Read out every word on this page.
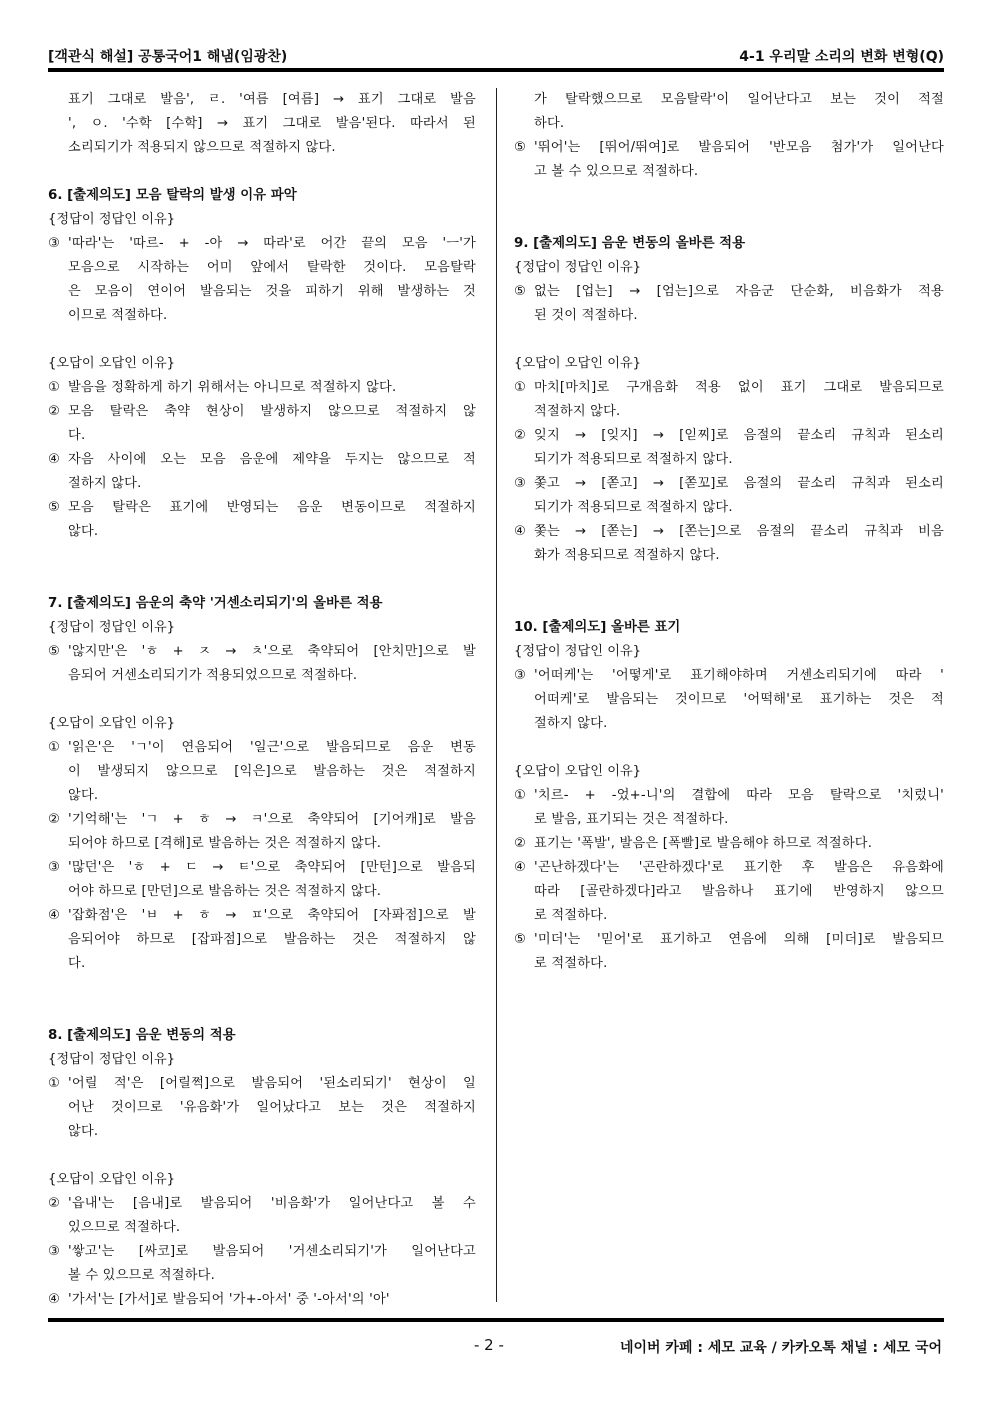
[객관식 해설] 공통국어1 해냄(임광찬)	4-1 우리말 소리의 변화 변형(Q)
표기 그대로 발음', ㄹ. '여름 [여름] → 표기 그대로 발음
', ㅇ. '수학 [수학] → 표기 그대로 발음'된다. 따라서 된
소리되기가 적용되지 않으므로 적절하지 않다.
6. [출제의도] 모음 탈락의 발생 이유 파악
{정답이 정답인 이유}
③ '따라'는 '따르- + -아 → 따라'로 어간 끝의 모음 'ㅡ'가
모음으로 시작하는 어미 앞에서 탈락한 것이다. 모음탈락
은 모음이 연이어 발음되는 것을 피하기 위해 발생하는 것
이므로 적절하다.
{오답이 오답인 이유}
① 발음을 정확하게 하기 위해서는 아니므로 적절하지 않다.
② 모음 탈락은 축약 현상이 발생하지 않으므로 적절하지 않
다.
④ 자음 사이에 오는 모음 음운에 제약을 두지는 않으므로 적
절하지 않다.
⑤ 모음 탈락은 표기에 반영되는 음운 변동이므로 적절하지
않다.
7. [출제의도] 음운의 축약 '거센소리되기'의 올바른 적용
{정답이 정답인 이유}
⑤ '않지만'은 'ㅎ + ㅈ → ㅊ'으로 축약되어 [안치만]으로 발
음되어 거센소리되기가 적용되었으므로 적절하다.
{오답이 오답인 이유}
① '읽은'은 'ㄱ'이 연음되어 '일근'으로 발음되므로 음운 변동
이 발생되지 않으므로 [익은]으로 발음하는 것은 적절하지
않다.
② '기억해'는 'ㄱ + ㅎ → ㅋ'으로 축약되어 [기어캐]로 발음
되어야 하므로 [격해]로 발음하는 것은 적절하지 않다.
③ '많던'은 'ㅎ + ㄷ → ㅌ'으로 축약되어 [만턴]으로 발음되
어야 하므로 [만던]으로 발음하는 것은 적절하지 않다.
④ '잡화점'은 'ㅂ + ㅎ → ㅍ'으로 축약되어 [자퐈점]으로 발
음되어야 하므로 [잡파점]으로 발음하는 것은 적절하지 않
다.
8. [출제의도] 음운 변동의 적용
{정답이 정답인 이유}
① '어릴 적'은 [어릴쩍]으로 발음되어 '된소리되기' 현상이 일
어난 것이므로 '유음화'가 일어났다고 보는 것은 적절하지
않다.
{오답이 오답인 이유}
② '읍내'는 [음내]로 발음되어 '비음화'가 일어난다고 볼 수
있으므로 적절하다.
③ '쌓고'는 [싸코]로 발음되어 '거센소리되기'가 일어난다고
볼 수 있으므로 적절하다.
④ '가서'는 [가서]로 발음되어 '가+-아서' 중 '-아서'의 '아'
가 탈락했으므로 모음탈락'이 일어난다고 보는 것이 적절
하다.
⑤ '뛰어'는 [뛰어/뛰여]로 발음되어 '반모음 첨가'가 일어난다
고 볼 수 있으므로 적절하다.
9. [출제의도] 음운 변동의 올바른 적용
{정답이 정답인 이유}
⑤ 없는 [업는] → [엄는]으로 자음군 단순화, 비음화가 적용
된 것이 적절하다.
{오답이 오답인 이유}
① 마치[마치]로 구개음화 적용 없이 표기 그대로 발음되므로
적절하지 않다.
② 잊지 → [잊지] → [읻찌]로 음절의 끝소리 규칙과 된소리
되기가 적용되므로 적절하지 않다.
③ 쫓고 → [쫃고] → [쫃꼬]로 음절의 끝소리 규칙과 된소리
되기가 적용되므로 적절하지 않다.
④ 쫓는 → [쫃는] → [쫀는]으로 음절의 끝소리 규칙과 비음
화가 적용되므로 적절하지 않다.
10. [출제의도] 올바른 표기
{정답이 정답인 이유}
③ '어떠케'는 '어떻게'로 표기해야하며 거센소리되기에 따라 '
어떠케'로 발음되는 것이므로 '어떡해'로 표기하는 것은 적
절하지 않다.
{오답이 오답인 이유}
① '치르- + -었+-니'의 결합에 따라 모음 탈락으로 '치렀니'
로 발음, 표기되는 것은 적절하다.
② 표기는 '폭발', 발음은 [폭빨]로 발음해야 하므로 적절하다.
④ '곤난하겠다'는 '곤란하겠다'로 표기한 후 발음은 유음화에
따라 [골란하겠다]라고 발음하나 표기에 반영하지 않으므
로 적절하다.
⑤ '미더'는 '믿어'로 표기하고 연음에 의해 [미더]로 발음되므
로 적절하다.
- 2 -	네이버 카페 : 세모 교육 / 카카오톡 채널 : 세모 국어
